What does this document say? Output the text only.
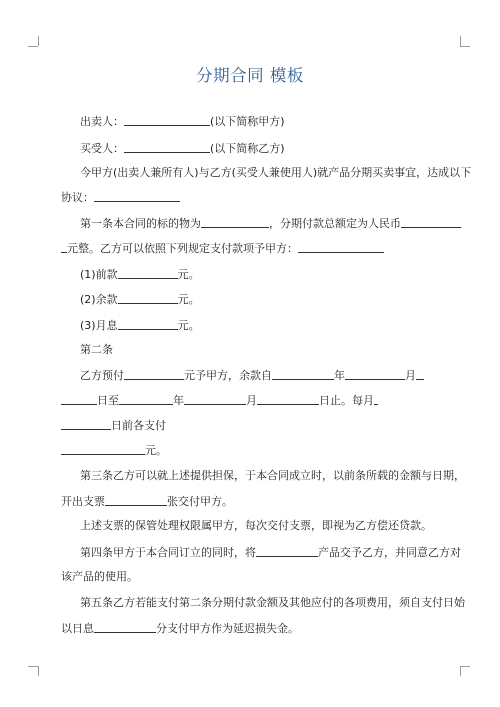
分期合同 模板
出卖人：	(以下简称甲方)
买受人：	(以下简称乙方)
今甲方(出卖人兼所有人)与乙方(买受人兼使用人)就产品分期买卖事宜，达成以下
协议：
第一条本合同的标的物为	，分期付款总额定为人民币
元整。乙方可以依照下列规定支付款项予甲方：
(1)前款	元。
(2)余款	元。
(3)月息	元。
第二条
乙方预付	元予甲方，余款自	年	月
日至	年	月	日止。每月
日前各支付
元。
第三条乙方可以就上述提供担保，于本合同成立时，以前条所载的金额与日期，
开出支票	张交付甲方。
上述支票的保管处理权限属甲方，每次交付支票，即视为乙方偿还贷款。
第四条甲方于本合同订立的同时，将	产品交予乙方，并同意乙方对
该产品的使用。
第五条乙方若能支付第二条分期付款金额及其他应付的各项费用，须自支付日始
以日息	分支付甲方作为延迟损失金。
